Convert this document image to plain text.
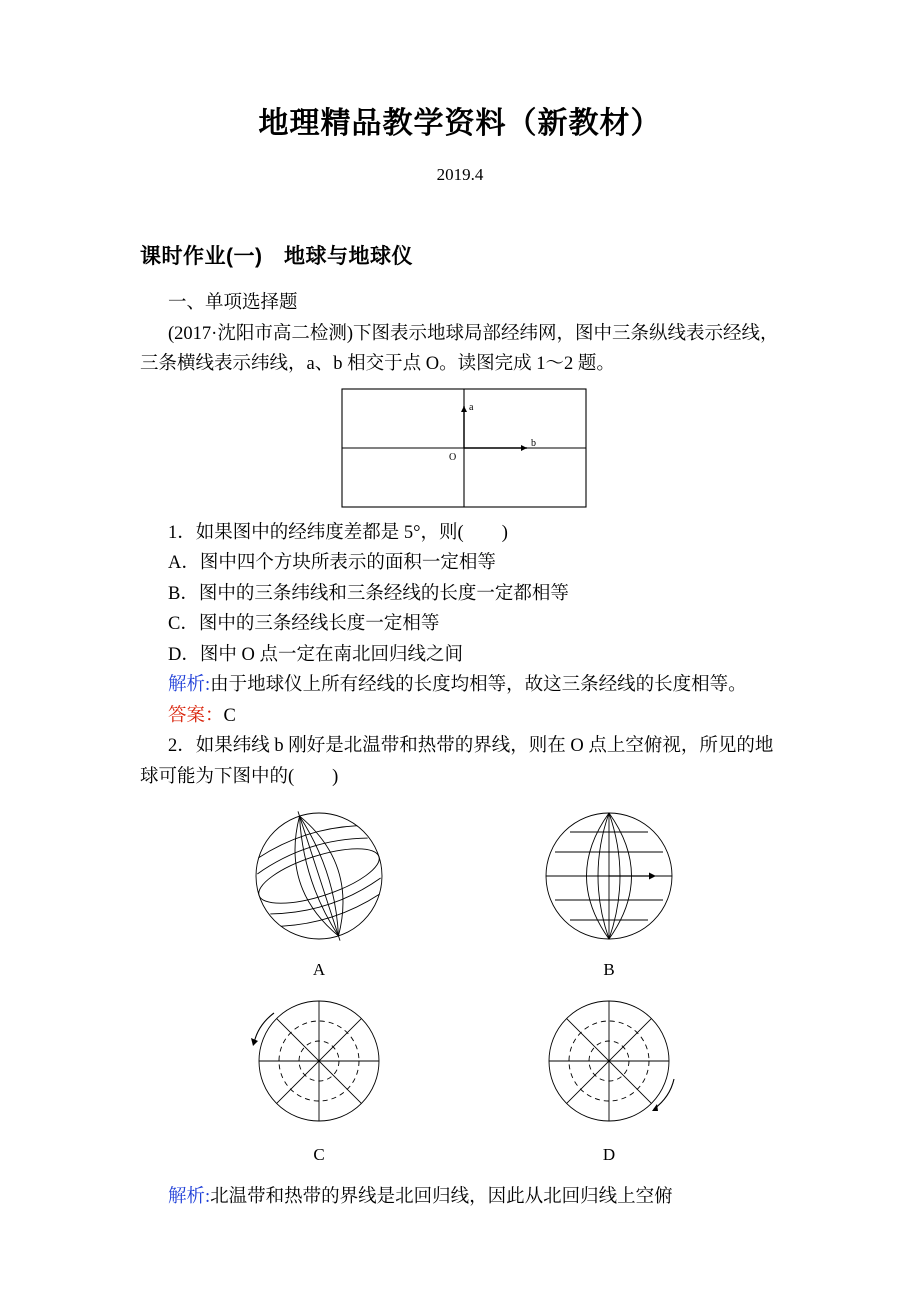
地理精品教学资料（新教材）
2019.4
课时作业(一)　地球与地球仪

一、单项选择题

(2017·沈阳市高二检测)下图表示地球局部经纬网，图中三条纵线表示经线，三条横线表示纬线，a、b 相交于点 O。读图完成 1～2 题。

a
b
O

1．如果图中的经纬度差都是 5°，则( )

A．图中四个方块所表示的面积一定相等

B．图中的三条纬线和三条经线的长度一定都相等

C．图中的三条经线长度一定相等

D．图中 O 点一定在南北回归线之间

解析:由于地球仪上所有经线的长度均相等，故这三条经线的长度相等。

答案：C

2．如果纬线 b 刚好是北温带和热带的界线，则在 O 点上空俯视，所见的地球可能为下图中的( )

A	B
C	D

解析:北温带和热带的界线是北回归线，因此从北回归线上空俯
